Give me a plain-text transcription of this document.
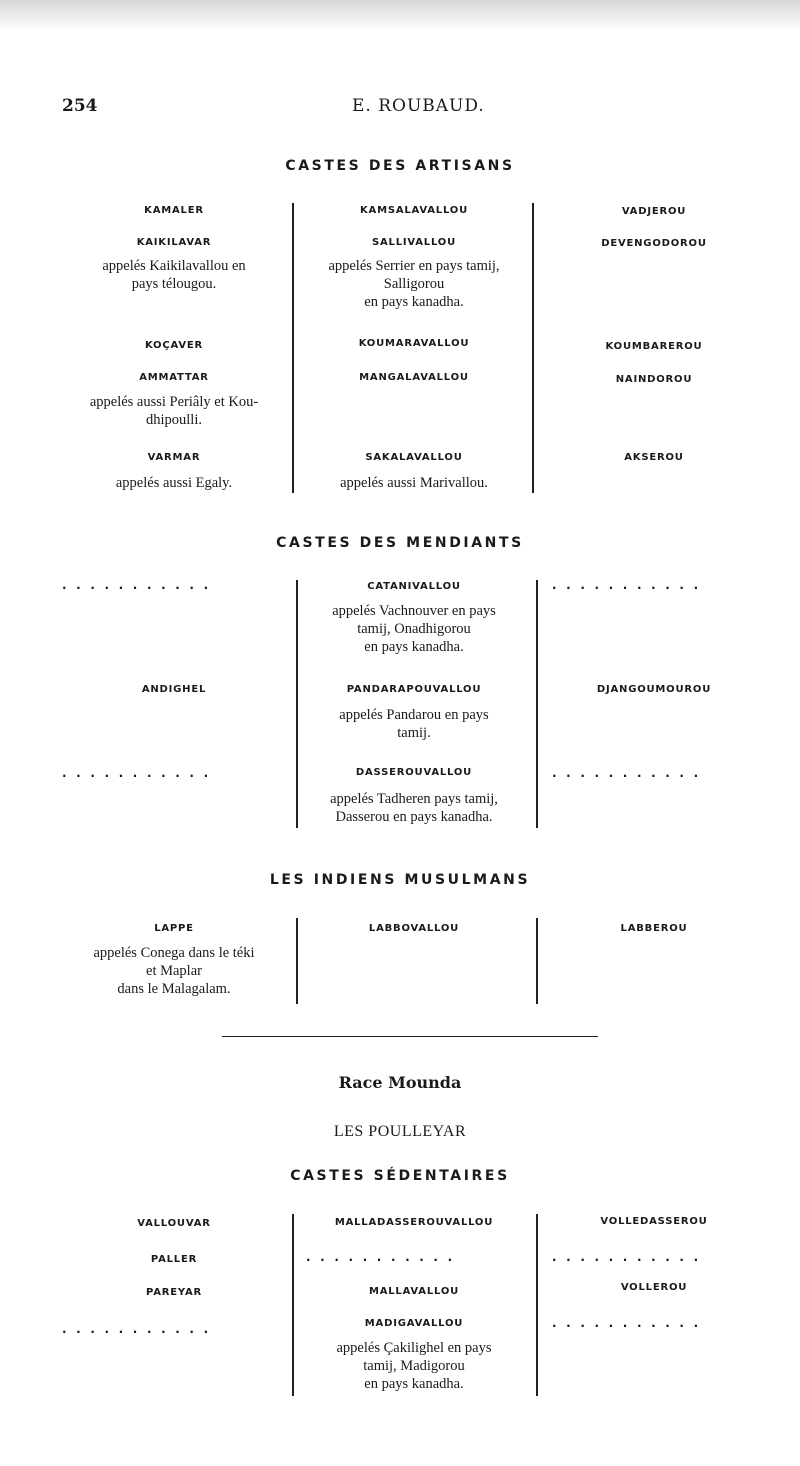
254	E. ROUBAUD.
CASTES DES ARTISANS
KAMALER
KAIKILAVAR
appelés Kaikilavallou en
pays télougou.
KOÇAVER
AMMATTAR
appelés aussi Periâly et Kou-
dhipoulli.
VARMAR
appelés aussi Egaly.
KAMSALAVALLOU
SALLIVALLOU
appelés Serrier en pays tamij,
Salligorou
en pays kanadha.
KOUMARAVALLOU
MANGALAVALLOU
SAKALAVALLOU
appelés aussi Marivallou.
VADJEROU
DEVENGODOROU
KOUMBAREROU
NAINDOROU
AKSEROU
CASTES DES MENDIANTS
...........
ANDIGHEL
...........
CATANIVALLOU
appelés Vachnouver en pays
tamij, Onadhigorou
en pays kanadha.
PANDARAPOUVALLOU
appelés Pandarou en pays
tamij.
DASSEROUVALLOU
appelés Tadheren pays tamij,
Dasserou en pays kanadha.
...........
DJANGOUMOUROU
...........
LES INDIENS MUSULMANS
LAPPE
appelés Conega dans le téki
et Maplar
dans le Malagalam.
LABBOVALLOU	LABBEROU
Race Mounda
LES POULLEYAR
CASTES SÉDENTAIRES
VALLOUVAR
PALLER
PAREYAR
...........
MALLADASSEROUVALLOU
...........
MALLAVALLOU
MADIGAVALLOU
appelés Çakilighel en pays
tamij, Madigorou
en pays kanadha.
VOLLEDASSEROU
...........
VOLLEROU
...........
